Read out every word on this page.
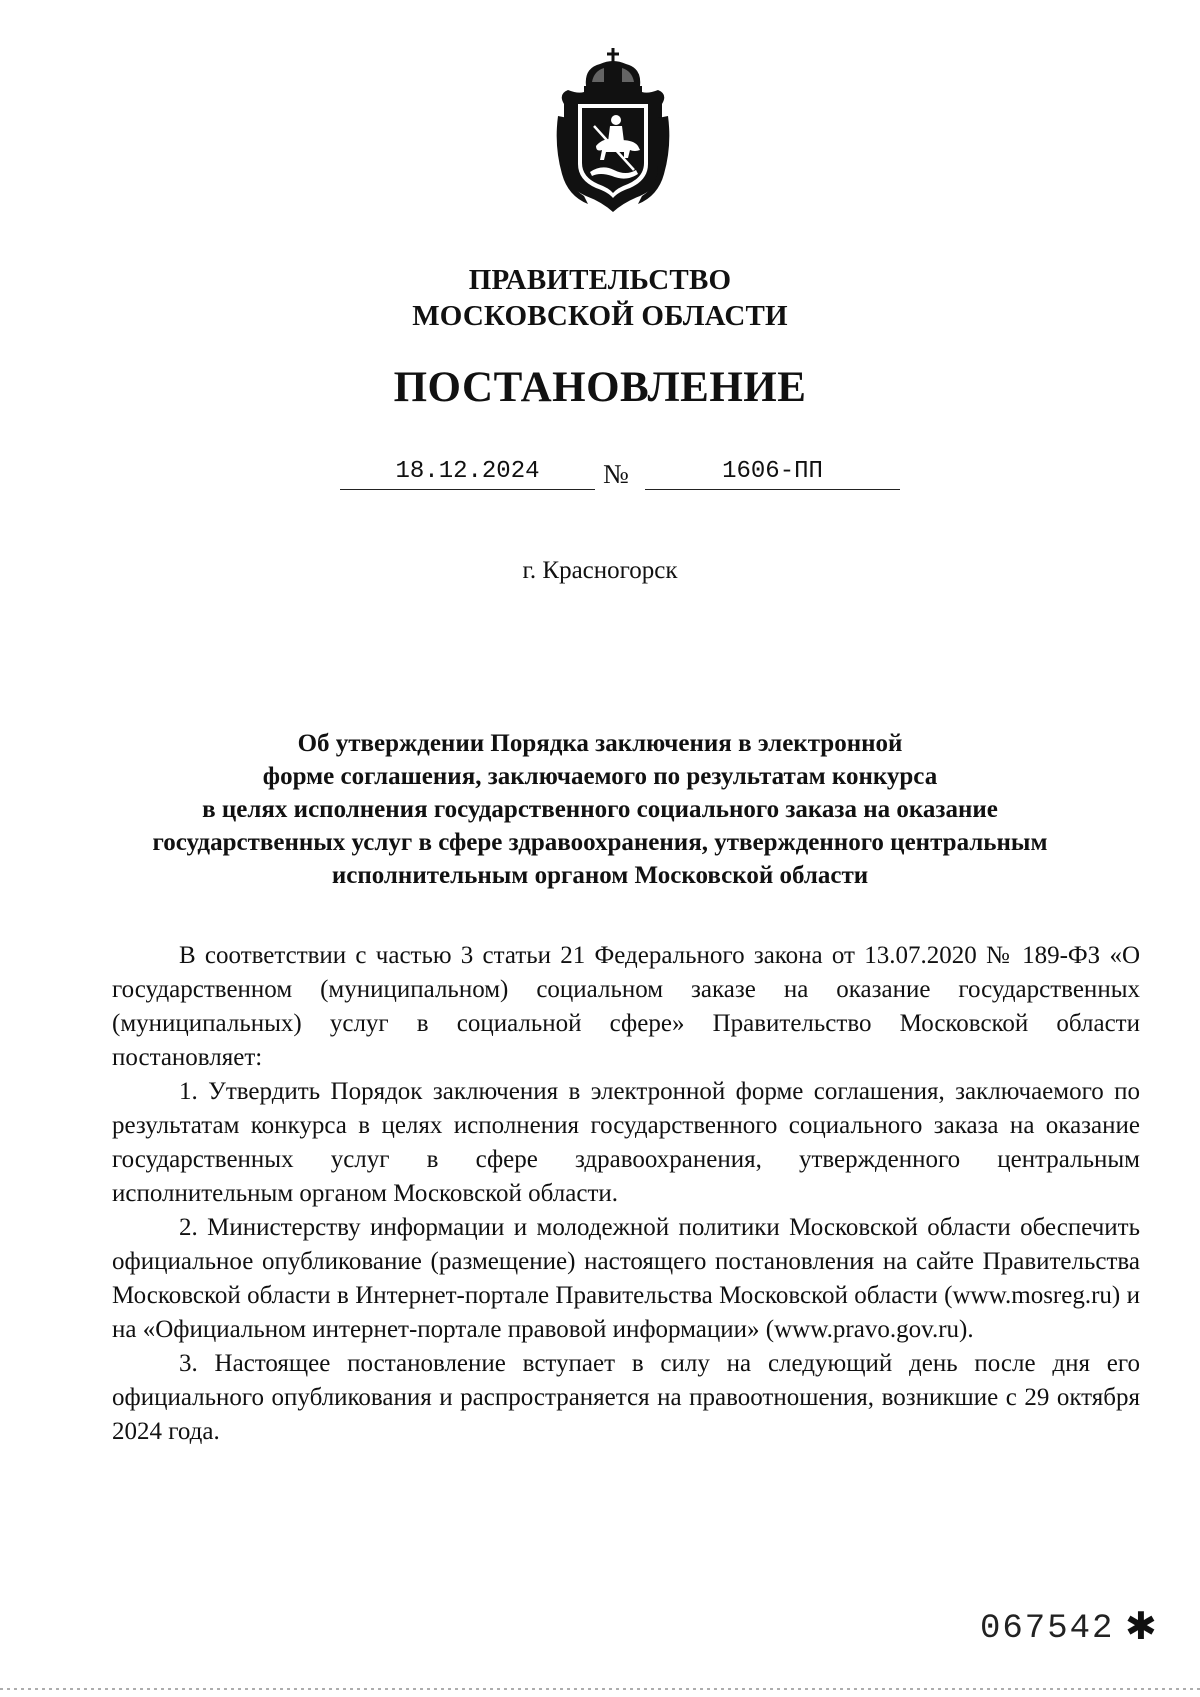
ПРАВИТЕЛЬСТВО
МОСКОВСКОЙ ОБЛАСТИ
ПОСТАНОВЛЕНИЕ
18.12.2024	№	1606-ПП
г. Красногорск
Об утверждении Порядка заключения в электронной
форме соглашения, заключаемого по результатам конкурса
в целях исполнения государственного социального заказа на оказание
государственных услуг в сфере здравоохранения, утвержденного центральным
исполнительным органом Московской области

В соответствии с частью 3 статьи 21 Федерального закона от 13.07.2020 № 189-ФЗ «О государственном (муниципальном) социальном заказе на оказание государственных (муниципальных) услуг в социальной сфере» Правительство Московской области постановляет:

1. Утвердить Порядок заключения в электронной форме соглашения, заключаемого по результатам конкурса в целях исполнения государственного социального заказа на оказание государственных услуг в сфере здравоохранения, утвержденного центральным исполнительным органом Московской области.

2. Министерству информации и молодежной политики Московской области обеспечить официальное опубликование (размещение) настоящего постановления на сайте Правительства Московской области в Интернет-портале Правительства Московской области (www.mosreg.ru) и на «Официальном интернет-портале правовой информации» (www.pravo.gov.ru).

3. Настоящее постановление вступает в силу на следующий день после дня его официального опубликования и распространяется на правоотношения, возникшие с 29 октября 2024 года.

067542 ✱
